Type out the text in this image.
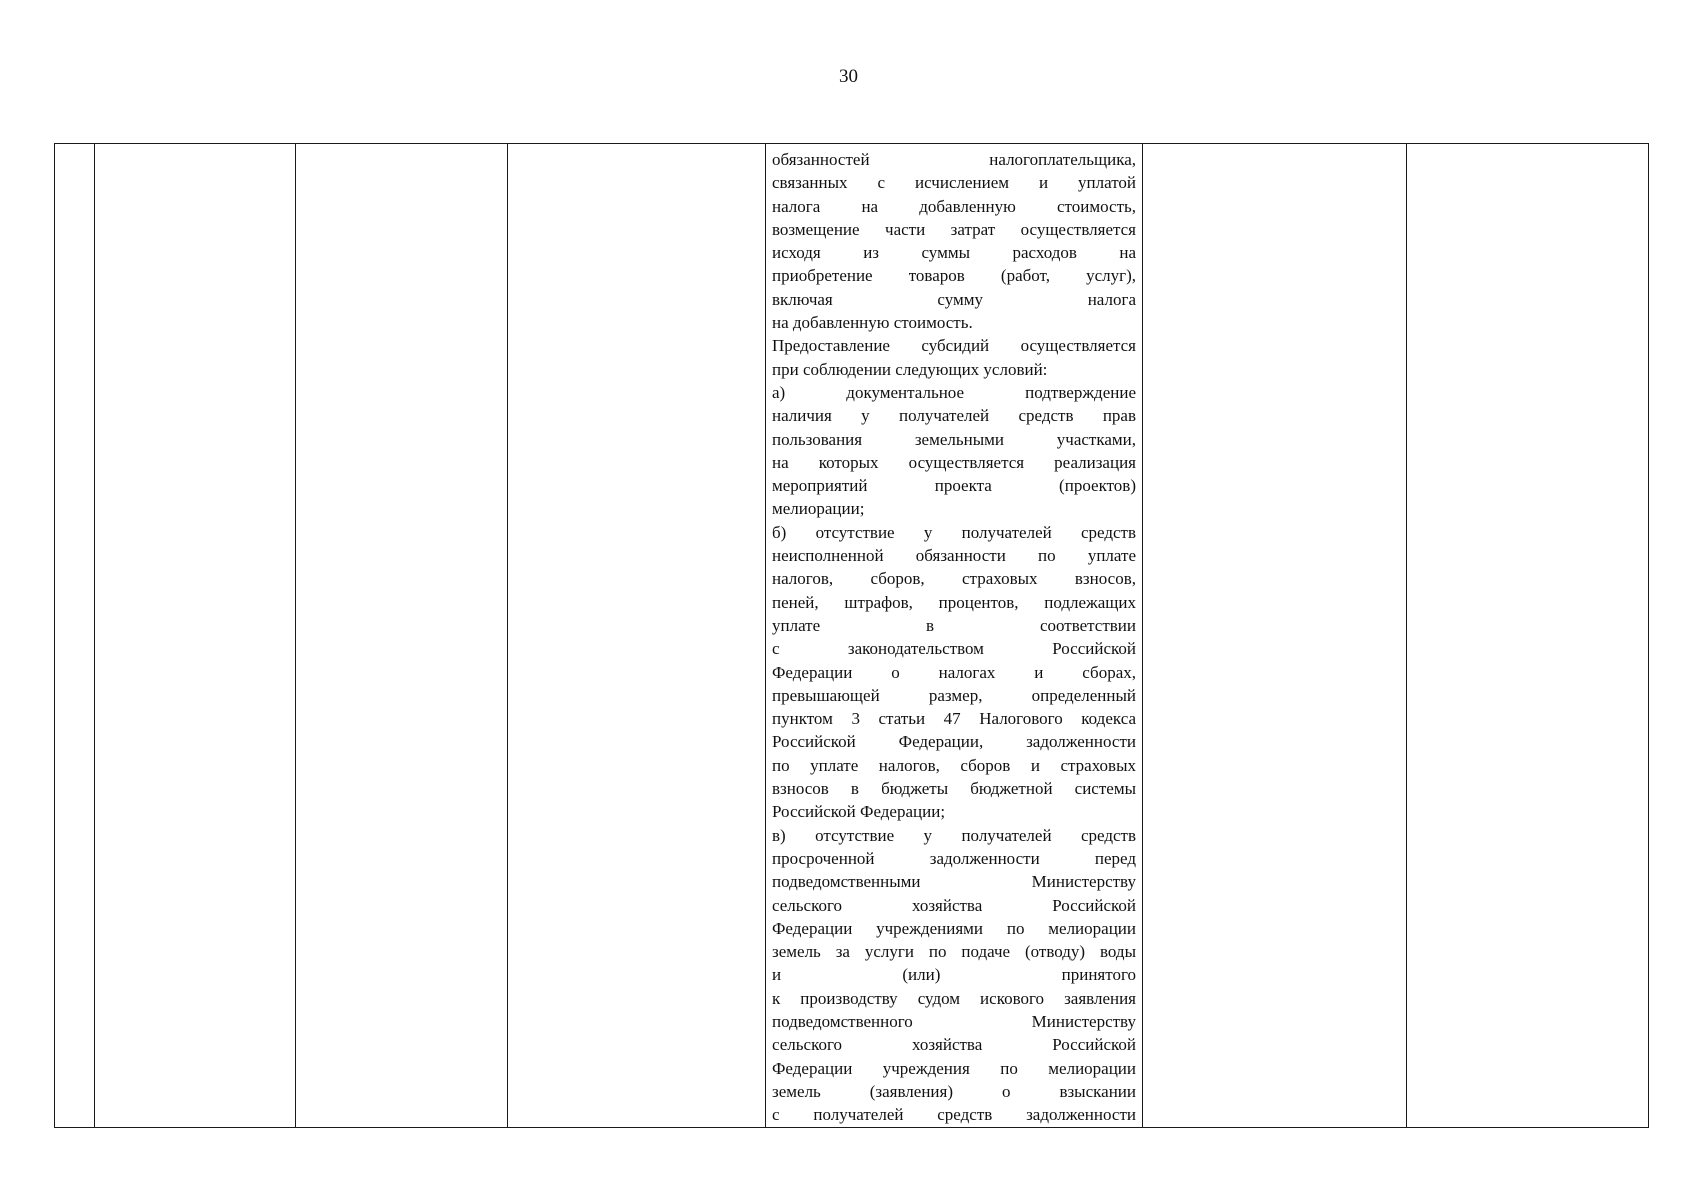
30

обязанностей налогоплательщика,
связанных с исчислением и уплатой
налога на добавленную стоимость,
возмещение части затрат осуществляется
исходя из суммы расходов на
приобретение товаров (работ, услуг),
включая сумму налога
на добавленную стоимость.
Предоставление субсидий осуществляется
при соблюдении следующих условий:
а) документальное подтверждение
наличия у получателей средств прав
пользования земельными участками,
на которых осуществляется реализация
мероприятий проекта (проектов)
мелиорации;
б) отсутствие у получателей средств
неисполненной обязанности по уплате
налогов, сборов, страховых взносов,
пеней, штрафов, процентов, подлежащих
уплате в соответствии
с законодательством Российской
Федерации о налогах и сборах,
превышающей размер, определенный
пунктом 3 статьи 47 Налогового кодекса
Российской Федерации, задолженности
по уплате налогов, сборов и страховых
взносов в бюджеты бюджетной системы
Российской Федерации;
в) отсутствие у получателей средств
просроченной задолженности перед
подведомственными Министерству
сельского хозяйства Российской
Федерации учреждениями по мелиорации
земель за услуги по подаче (отводу) воды
и (или) принятого
к производству судом искового заявления
подведомственного Министерству
сельского хозяйства Российской
Федерации учреждения по мелиорации
земель (заявления) о взыскании
с получателей средств задолженности
